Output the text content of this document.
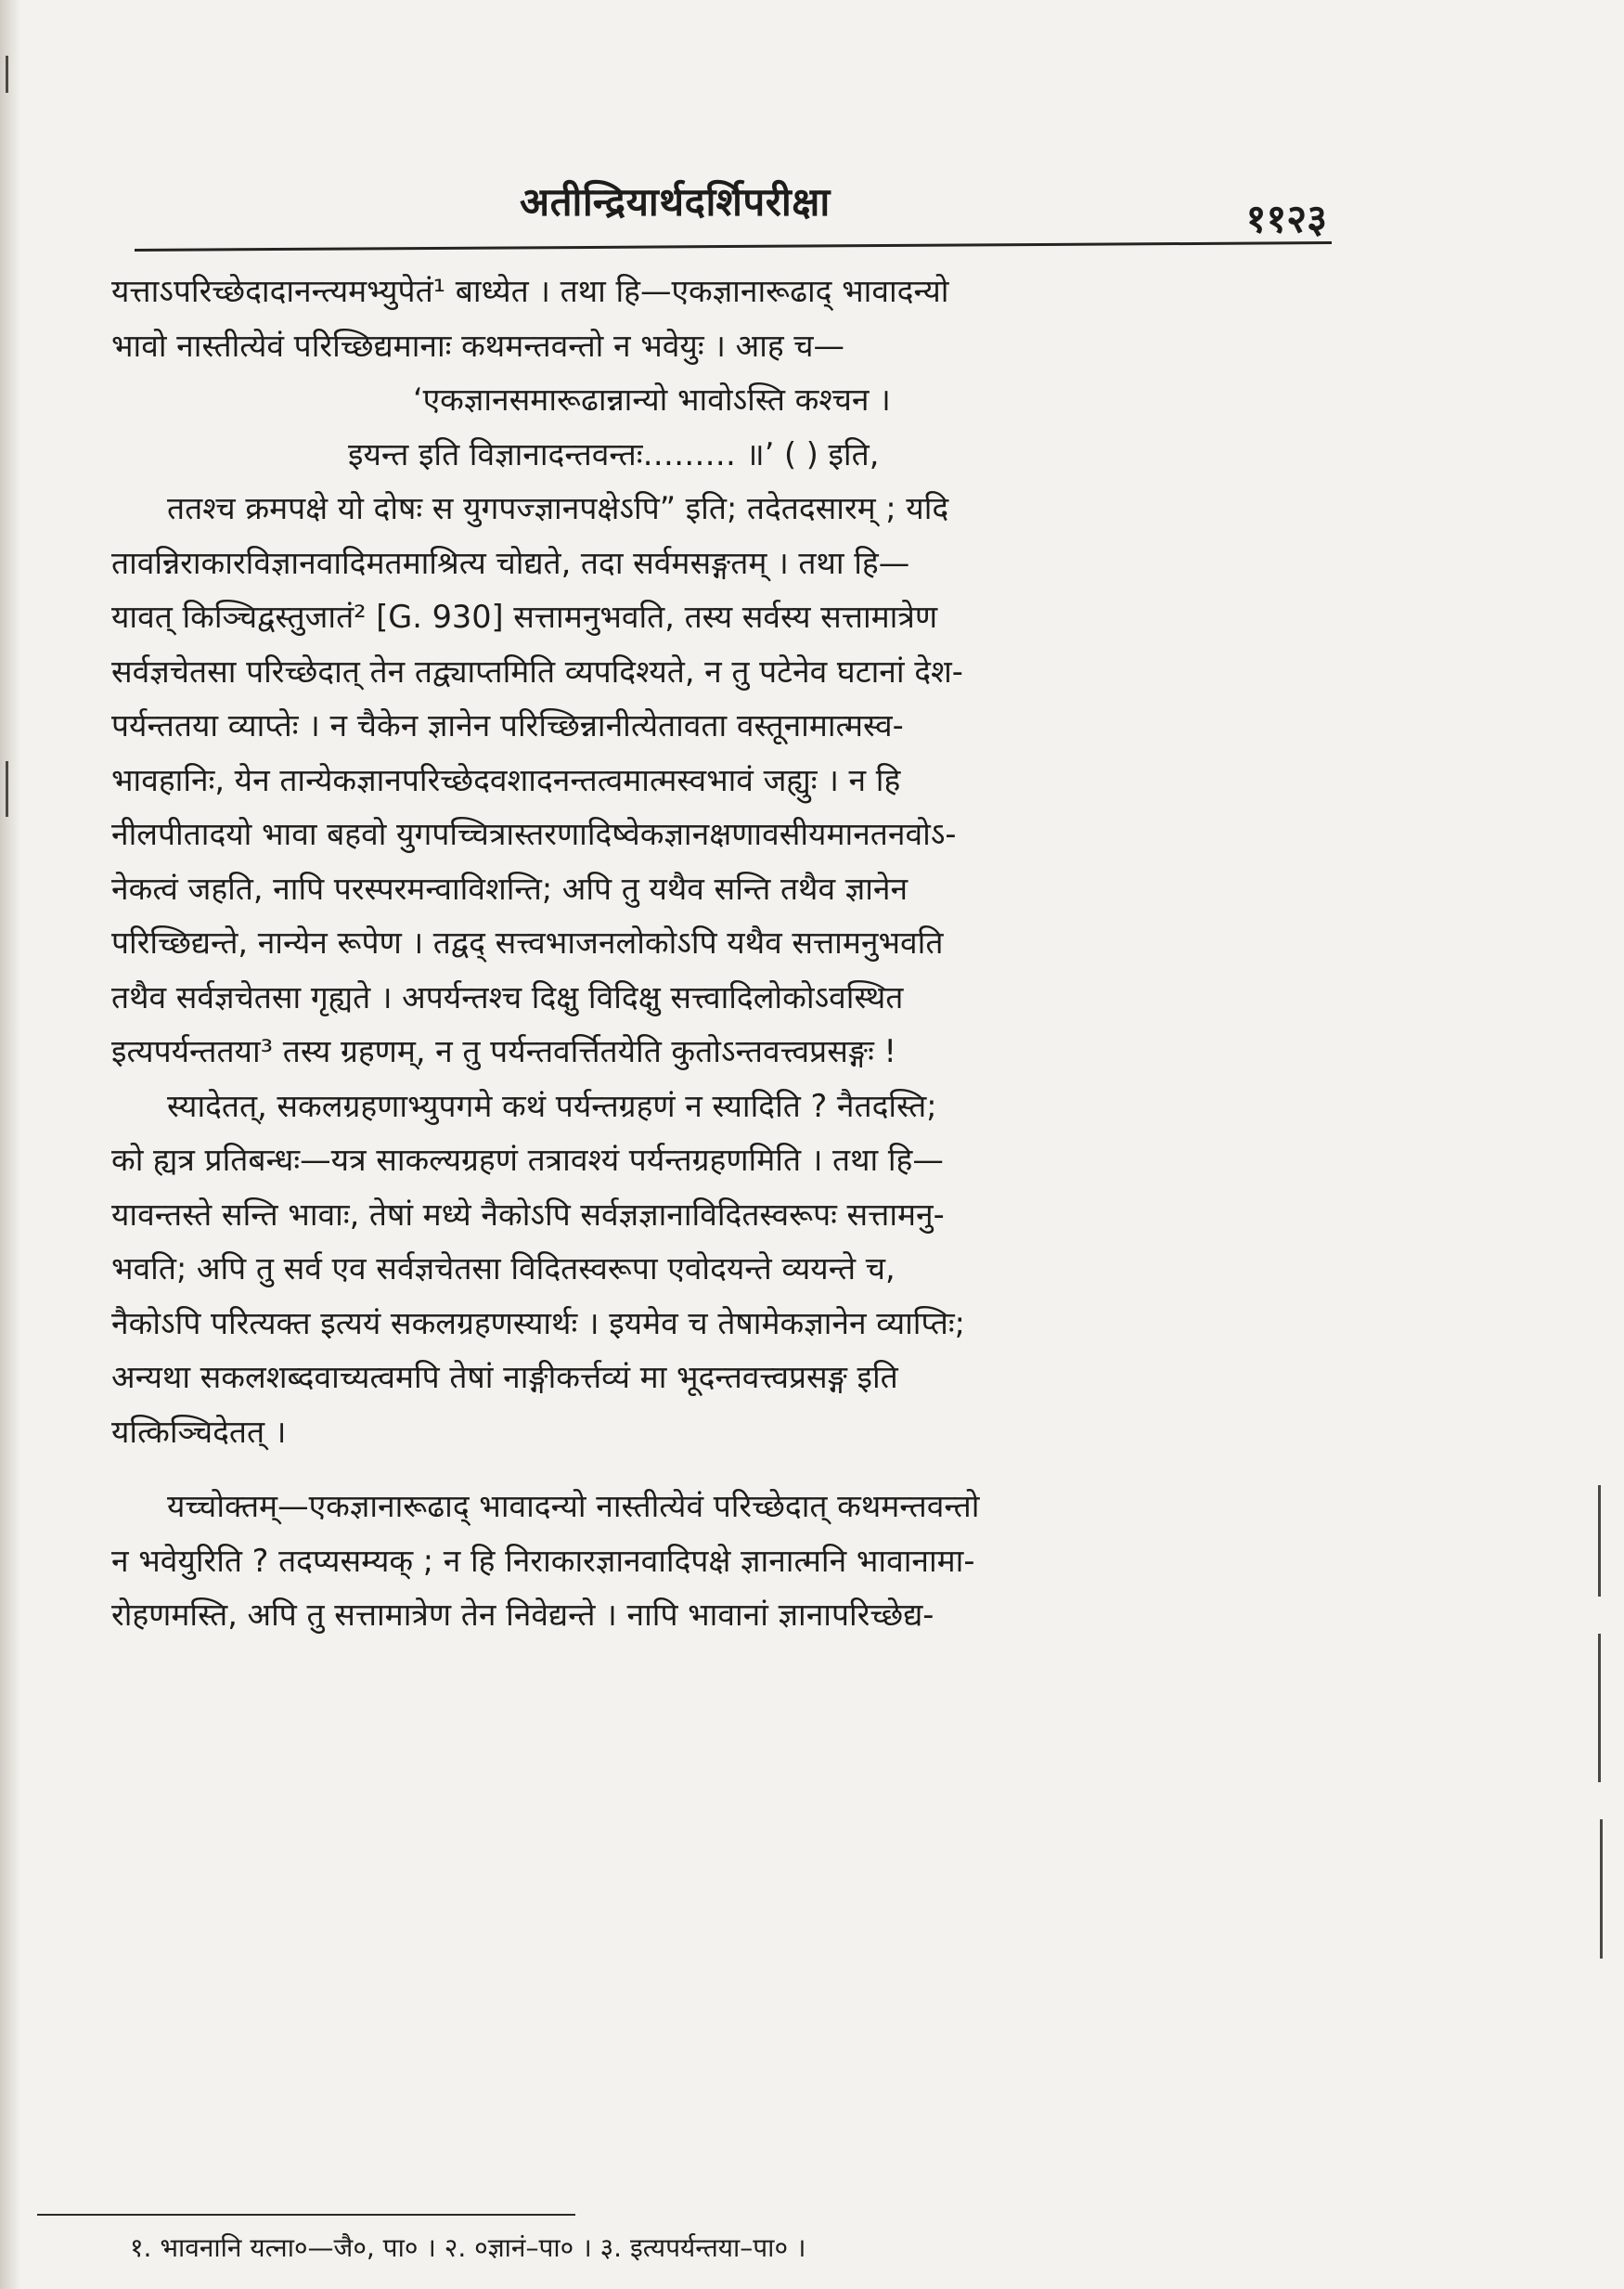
अतीन्द्रियार्थदर्शिपरीक्षा	११२३
यत्ताऽपरिच्छेदादानन्त्यमभ्युपेतं¹ बाध्येत । तथा हि—एकज्ञानारूढाद् भावादन्यो
भावो नास्तीत्येवं परिच्छिद्यमानाः कथमन्तवन्तो न भवेयुः । आह च—
‘एकज्ञानसमारूढान्नान्यो भावोऽस्ति कश्चन ।
इयन्त इति विज्ञानादन्तवन्तः……… ॥’ ( ) इति,
ततश्च क्रमपक्षे यो दोषः स युगपज्ज्ञानपक्षेऽपि” इति; तदेतदसारम् ; यदि
तावन्निराकारविज्ञानवादिमतमाश्रित्य चोद्यते, तदा सर्वमसङ्गतम् । तथा हि—
यावत् किञ्चिद्वस्तुजातं² [G. 930] सत्तामनुभवति, तस्य सर्वस्य सत्तामात्रेण
सर्वज्ञचेतसा परिच्छेदात् तेन तद्व्याप्तमिति व्यपदिश्यते, न तु पटेनेव घटानां देश-
पर्यन्ततया व्याप्तेः । न चैकेन ज्ञानेन परिच्छिन्नानीत्येतावता वस्तूनामात्मस्व-
भावहानिः, येन तान्येकज्ञानपरिच्छेदवशादनन्तत्वमात्मस्वभावं जह्युः । न हि
नीलपीतादयो भावा बहवो युगपच्चित्रास्तरणादिष्वेकज्ञानक्षणावसीयमानतनवोऽ-
नेकत्वं जहति, नापि परस्परमन्वाविशन्ति; अपि तु यथैव सन्ति तथैव ज्ञानेन
परिच्छिद्यन्ते, नान्येन रूपेण । तद्वद् सत्त्वभाजनलोकोऽपि यथैव सत्तामनुभवति
तथैव सर्वज्ञचेतसा गृह्यते । अपर्यन्तश्च दिक्षु विदिक्षु सत्त्वादिलोकोऽवस्थित
इत्यपर्यन्ततया³ तस्य ग्रहणम्, न तु पर्यन्तवर्त्तितयेति कुतोऽन्तवत्त्वप्रसङ्गः !
स्यादेतत्, सकलग्रहणाभ्युपगमे कथं पर्यन्तग्रहणं न स्यादिति ? नैतदस्ति;
को ह्यत्र प्रतिबन्धः—यत्र साकल्यग्रहणं तत्रावश्यं पर्यन्तग्रहणमिति । तथा हि—
यावन्तस्ते सन्ति भावाः, तेषां मध्ये नैकोऽपि सर्वज्ञज्ञानाविदितस्वरूपः सत्तामनु-
भवति; अपि तु सर्व एव सर्वज्ञचेतसा विदितस्वरूपा एवोदयन्ते व्ययन्ते च,
नैकोऽपि परित्यक्त इत्ययं सकलग्रहणस्यार्थः । इयमेव च तेषामेकज्ञानेन व्याप्तिः;
अन्यथा सकलशब्दवाच्यत्वमपि तेषां नाङ्गीकर्त्तव्यं मा भूदन्तवत्त्वप्रसङ्ग इति
यत्किञ्चिदेतत् ।
यच्चोक्तम्—एकज्ञानारूढाद् भावादन्यो नास्तीत्येवं परिच्छेदात् कथमन्तवन्तो
न भवेयुरिति ? तदप्यसम्यक् ; न हि निराकारज्ञानवादिपक्षे ज्ञानात्मनि भावानामा-
रोहणमस्ति, अपि तु सत्तामात्रेण तेन निवेद्यन्ते । नापि भावानां ज्ञानापरिच्छेद्य-
१. भावनानि यत्ना०—जै०, पा० । २. ०ज्ञानं–पा० । ३. इत्यपर्यन्तया–पा० ।
